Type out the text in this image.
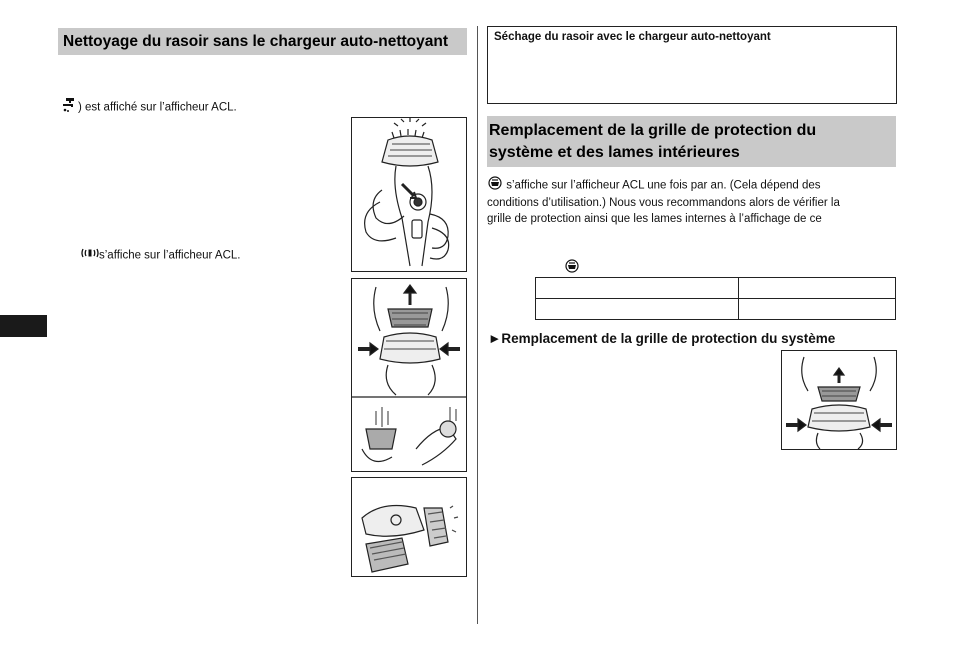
Nettoyage du rasoir sans le chargeur auto-nettoyant
) est affiché sur l’afficheur ACL.
s’affiche sur l’afficheur ACL.
Séchage du rasoir avec le chargeur auto-nettoyant
Remplacement de la grille de protection du
système et des lames intérieures
s’affiche sur l’afficheur ACL une fois par an. (Cela dépend des
conditions d’utilisation.) Nous vous recommandons alors de vérifier la
grille de protection ainsi que les lames internes à l’affichage de ce

►Remplacement de la grille de protection du système
